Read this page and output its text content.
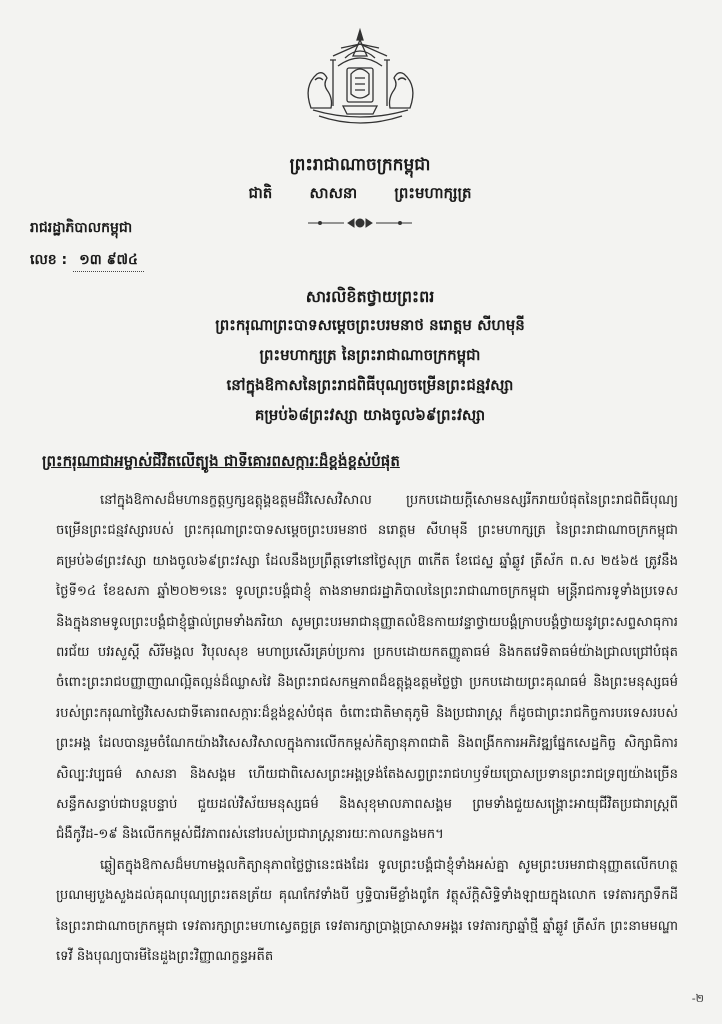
ព្រះរាជាណាចក្រកម្ពុជា
ជាតិ សាសនា ព្រះមហាក្សត្រ
រាជរដ្ឋាភិបាលកម្ពុជា
លេខ : ១៣ ៩៧៤
សារលិខិតថ្វាយព្រះពរ
ព្រះករុណាព្រះបាទសម្តេចព្រះបរមនាថ នរោត្តម សីហមុនី
ព្រះមហាក្សត្រ នៃព្រះរាជាណាចក្រកម្ពុជា
នៅក្នុងឱកាសនៃព្រះរាជពិធីបុណ្យចម្រើនព្រះជន្មវស្សា
គម្រប់៦៨ព្រះវស្សា យាងចូល៦៩ព្រះវស្សា
ព្រះករុណាជាអម្ចាស់ជីវិតលើត្បូង ជាទីគោរពសក្ការៈដ៏ខ្ពង់ខ្ពស់បំផុត

នៅក្នុងឱកាសដ៏មហានក្ខត្តឫក្សឧត្តុង្គឧត្តមដ៏វិសេសវិសាល ប្រកបដោយក្តីសោមនស្សរីករាយបំផុតនៃព្រះរាជពិធីបុណ្យចម្រើនព្រះជន្មវស្សារបស់ ព្រះករុណាព្រះបាទសម្តេចព្រះបរមនាថ នរោត្តម សីហមុនី ព្រះមហាក្សត្រ នៃព្រះរាជាណាចក្រកម្ពុជា គម្រប់៦៨ព្រះវស្សា យាងចូល៦៩ព្រះវស្សា ដែលនឹងប្រព្រឹត្តទៅនៅថ្ងៃសុក្រ ៣កើត ខែជេស្ឋ ឆ្នាំឆ្លូវ ត្រីស័ក ព.ស ២៥៦៥ ត្រូវនឹងថ្ងៃទី១៤ ខែឧសភា ឆ្នាំ២០២១នេះ ទូលព្រះបង្គំជាខ្ញុំ តាងនាមរាជរដ្ឋាភិបាលនៃព្រះរាជាណាចក្រកម្ពុជា មន្ត្រីរាជការទូទាំងប្រទេស និងក្នុងនាមទូលព្រះបង្គំជាខ្ញុំផ្ទាល់ព្រមទាំងភរិយា សូមព្រះបរមរាជានុញ្ញាតលំឱនកាយវន្ទាថ្វាយបង្គំក្រាបបង្គំថ្វាយនូវព្រះសព្ទសាធុការពរជ័យ បវរសួស្តី សិរីមង្គល វិបុលសុខ មហាប្រសើរគ្រប់ប្រការ ប្រកបដោយកតញ្ញូតាធម៌ និងកតវេទិតាធម៌យ៉ាងជ្រាលជ្រៅបំផុត ចំពោះព្រះរាជបញ្ញាញាណល្អិតល្អន់ដ៏ឈ្លាសវៃ និងព្រះរាជសកម្មភាពដ៏ឧត្តុង្គឧត្តមថ្លៃថ្លា ប្រកបដោយព្រះគុណធម៌ និងព្រះមនុស្សធម៌របស់ព្រះករុណាថ្លៃវិសេសជាទីគោរពសក្ការៈដ៏ខ្ពង់ខ្ពស់បំផុត ចំពោះជាតិមាតុភូមិ និងប្រជារាស្ត្រ ក៏ដូចជាព្រះរាជកិច្ចការបរទេសរបស់ព្រះអង្គ ដែលបានរួមចំណែកយ៉ាងវិសេសវិសាលក្នុងការលើកកម្ពស់កិត្យានុភាពជាតិ និងពង្រីកការអភិវឌ្ឍផ្នែកសេដ្ឋកិច្ច សិក្សាធិការ សិល្បៈវប្បធម៌ សាសនា និងសង្គម ហើយជាពិសេសព្រះអង្គទ្រង់តែងសព្វព្រះរាជហឫទ័យប្រោសប្រទានព្រះរាជទ្រព្យយ៉ាងច្រើនសន្ធឹកសន្ធាប់ជាបន្តបន្ទាប់ ជួយដល់វិស័យមនុស្សធម៌ និងសុខុមាលភាពសង្គម ព្រមទាំងជួយសង្គ្រោះអាយុជីវិតប្រជារាស្ត្រពីជំងឺកូវីដ-១៩ និងលើកកម្ពស់ជីវភាពរស់នៅរបស់ប្រជារាស្ត្រនារយៈកាលកន្លងមក។

ឆ្លៀតក្នុងឱកាសដ៏មហាមង្គលកិត្យានុភាពថ្លៃថ្លានេះផងដែរ ទូលព្រះបង្គំជាខ្ញុំទាំងអស់គ្នា សូមព្រះបរមរាជានុញ្ញាតលើកហត្ថប្រណម្យបួងសួងដល់គុណបុណ្យព្រះរតនត្រ័យ គុណកែវទាំងបី ឫទ្ធិបារមីខ្លាំងពូកែ វត្ថុស័ក្តិសិទ្ធិទាំងឡាយក្នុងលោក ទេវតារក្សាទឹកដីនៃព្រះរាជាណាចក្រកម្ពុជា ទេវតារក្សាព្រះមហាស្វេតច្ឆត្រ ទេវតារក្សាប្រាង្គប្រាសាទអង្គរ ទេវតារក្សាឆ្នាំថ្មី ឆ្នាំឆ្លូវ ត្រីស័ក ព្រះនាមមណ្ឌាទេវី និងបុណ្យបារមីនៃដួងព្រះវិញ្ញាណក្ខន្ធអតីត

-២
